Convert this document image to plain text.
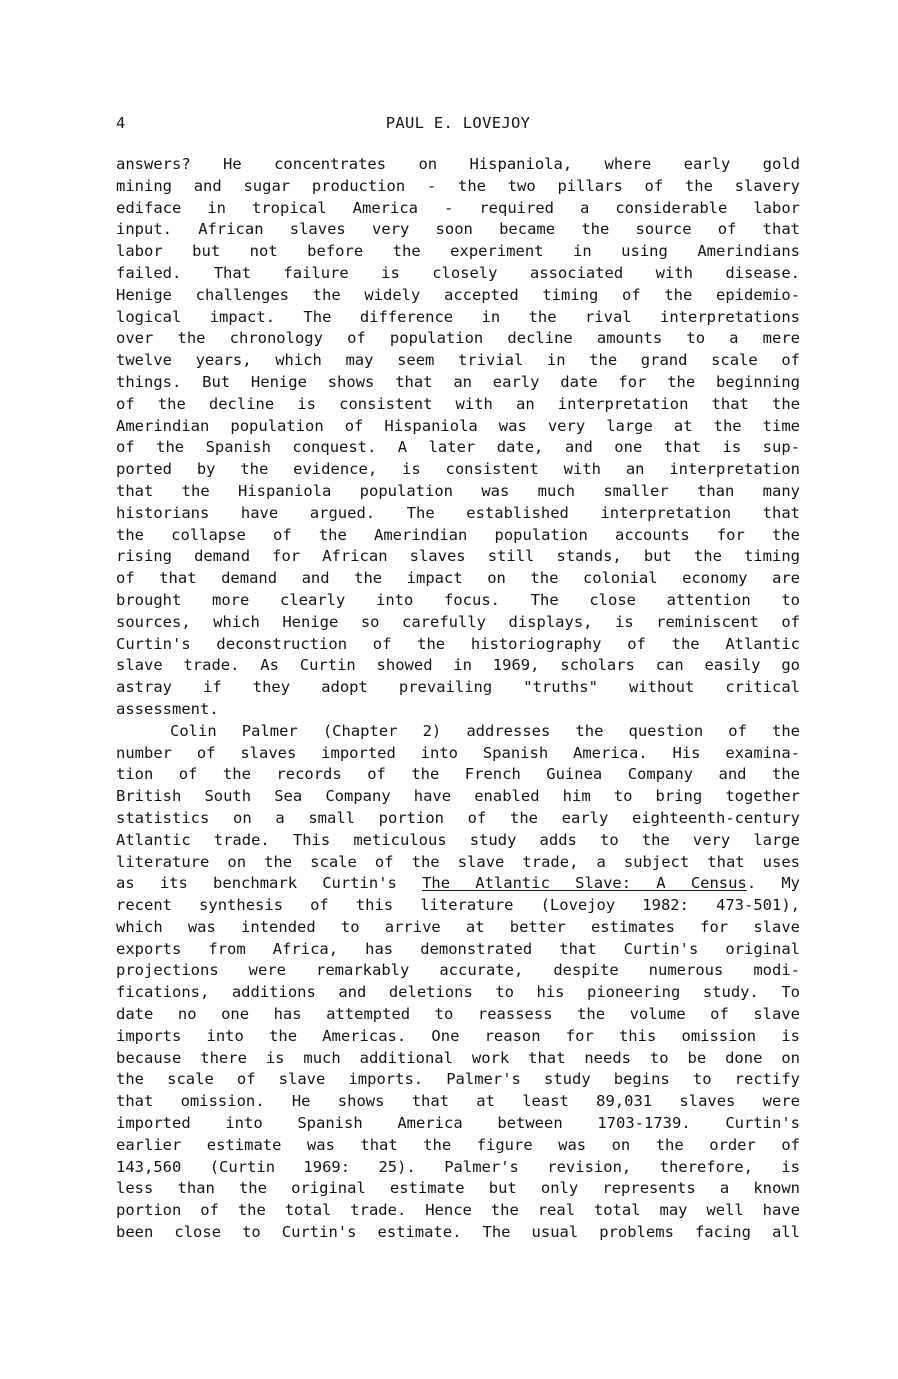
4	PAUL E. LOVEJOY
answers? He concentrates on Hispaniola, where early gold
mining and sugar production - the two pillars of the slavery
ediface in tropical America - required a considerable labor
input. African slaves very soon became the source of that
labor but not before the experiment in using Amerindians
failed. That failure is closely associated with disease.
Henige challenges the widely accepted timing of the epidemio-
logical impact. The difference in the rival interpretations
over the chronology of population decline amounts to a mere
twelve years, which may seem trivial in the grand scale of
things. But Henige shows that an early date for the beginning
of the decline is consistent with an interpretation that the
Amerindian population of Hispaniola was very large at the time
of the Spanish conquest. A later date, and one that is sup-
ported by the evidence, is consistent with an interpretation
that the Hispaniola population was much smaller than many
historians have argued. The established interpretation that
the collapse of the Amerindian population accounts for the
rising demand for African slaves still stands, but the timing
of that demand and the impact on the colonial economy are
brought more clearly into focus. The close attention to
sources, which Henige so carefully displays, is reminiscent of
Curtin's deconstruction of the historiography of the Atlantic
slave trade. As Curtin showed in 1969, scholars can easily go
astray if they adopt prevailing "truths" without critical
assessment.
Colin Palmer (Chapter 2) addresses the question of the
number of slaves imported into Spanish America. His examina-
tion of the records of the French Guinea Company and the
British South Sea Company have enabled him to bring together
statistics on a small portion of the early eighteenth-century
Atlantic trade. This meticulous study adds to the very large
literature on the scale of the slave trade, a subject that uses
as its benchmark Curtin's The Atlantic Slave: A Census. My
recent synthesis of this literature (Lovejoy 1982: 473-501),
which was intended to arrive at better estimates for slave
exports from Africa, has demonstrated that Curtin's original
projections were remarkably accurate, despite numerous modi-
fications, additions and deletions to his pioneering study. To
date no one has attempted to reassess the volume of slave
imports into the Americas. One reason for this omission is
because there is much additional work that needs to be done on
the scale of slave imports. Palmer's study begins to rectify
that omission. He shows that at least 89,031 slaves were
imported into Spanish America between 1703-1739. Curtin's
earlier estimate was that the figure was on the order of
143,560 (Curtin 1969: 25). Palmer's revision, therefore, is
less than the original estimate but only represents a known
portion of the total trade. Hence the real total may well have
been close to Curtin's estimate. The usual problems facing all
